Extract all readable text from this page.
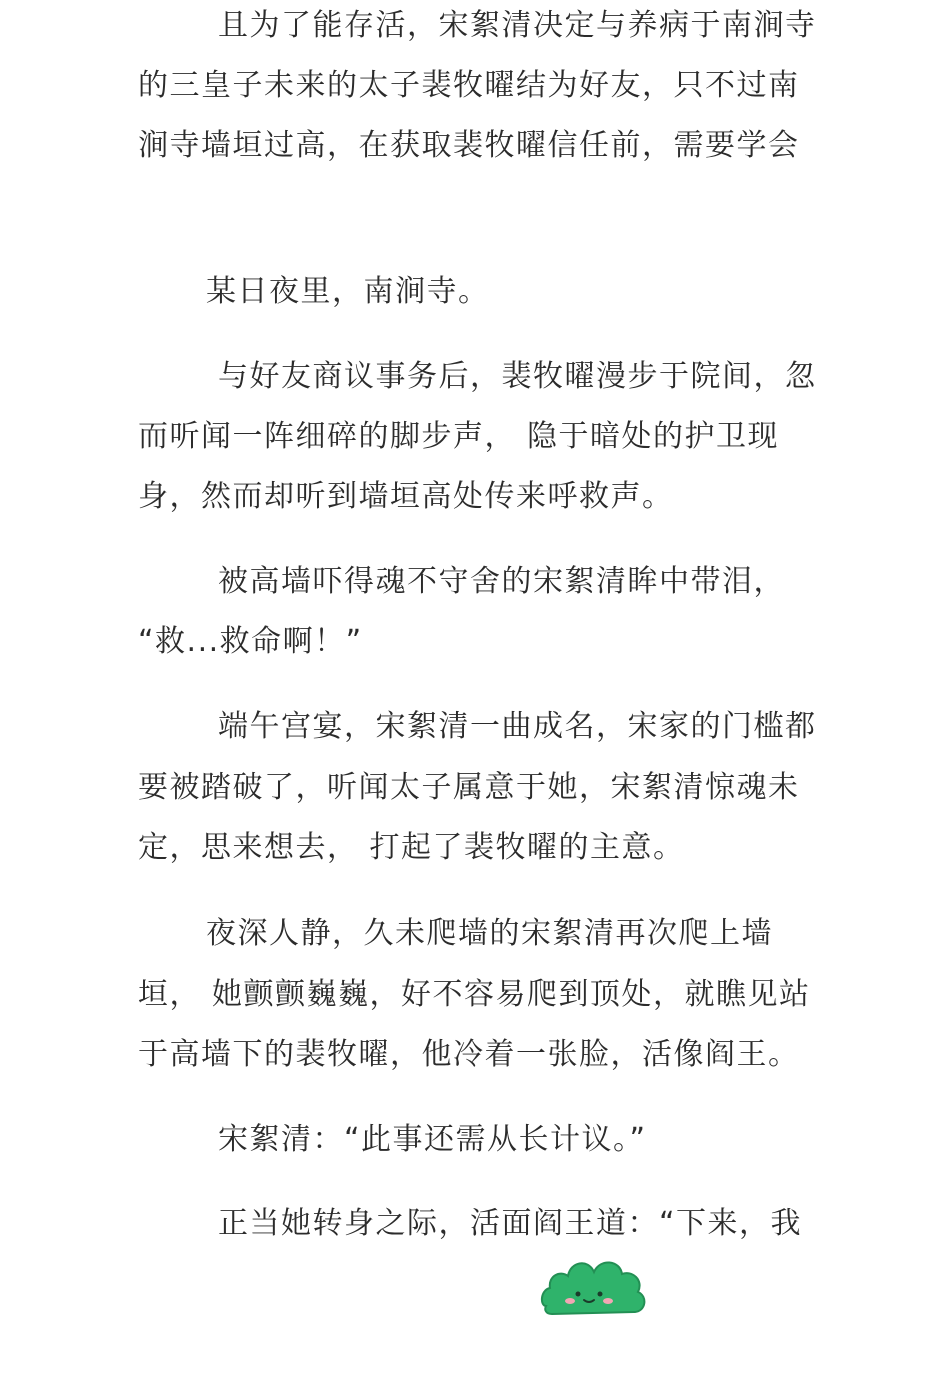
且为了能存活，宋絮清决定与养病于南涧寺
的三皇子未来的太子裴牧曜结为好友，只不过南
涧寺墙垣过高，在获取裴牧曜信任前，需要学会
某日夜里，南涧寺。
与好友商议事务后，裴牧曜漫步于院间，忽
而听闻一阵细碎的脚步声， 隐于暗处的护卫现
身，然而却听到墙垣高处传来呼救声。
被高墙吓得魂不守舍的宋絮清眸中带泪，
“救...救命啊！”
端午宫宴，宋絮清一曲成名，宋家的门槛都
要被踏破了，听闻太子属意于她，宋絮清惊魂未
定，思来想去， 打起了裴牧曜的主意。
夜深人静，久未爬墙的宋絮清再次爬上墙
垣， 她颤颤巍巍，好不容易爬到顶处，就瞧见站
于高墙下的裴牧曜，他冷着一张脸，活像阎王。
宋絮清：“此事还需从长计议。”
正当她转身之际，活面阎王道：“下来，我
